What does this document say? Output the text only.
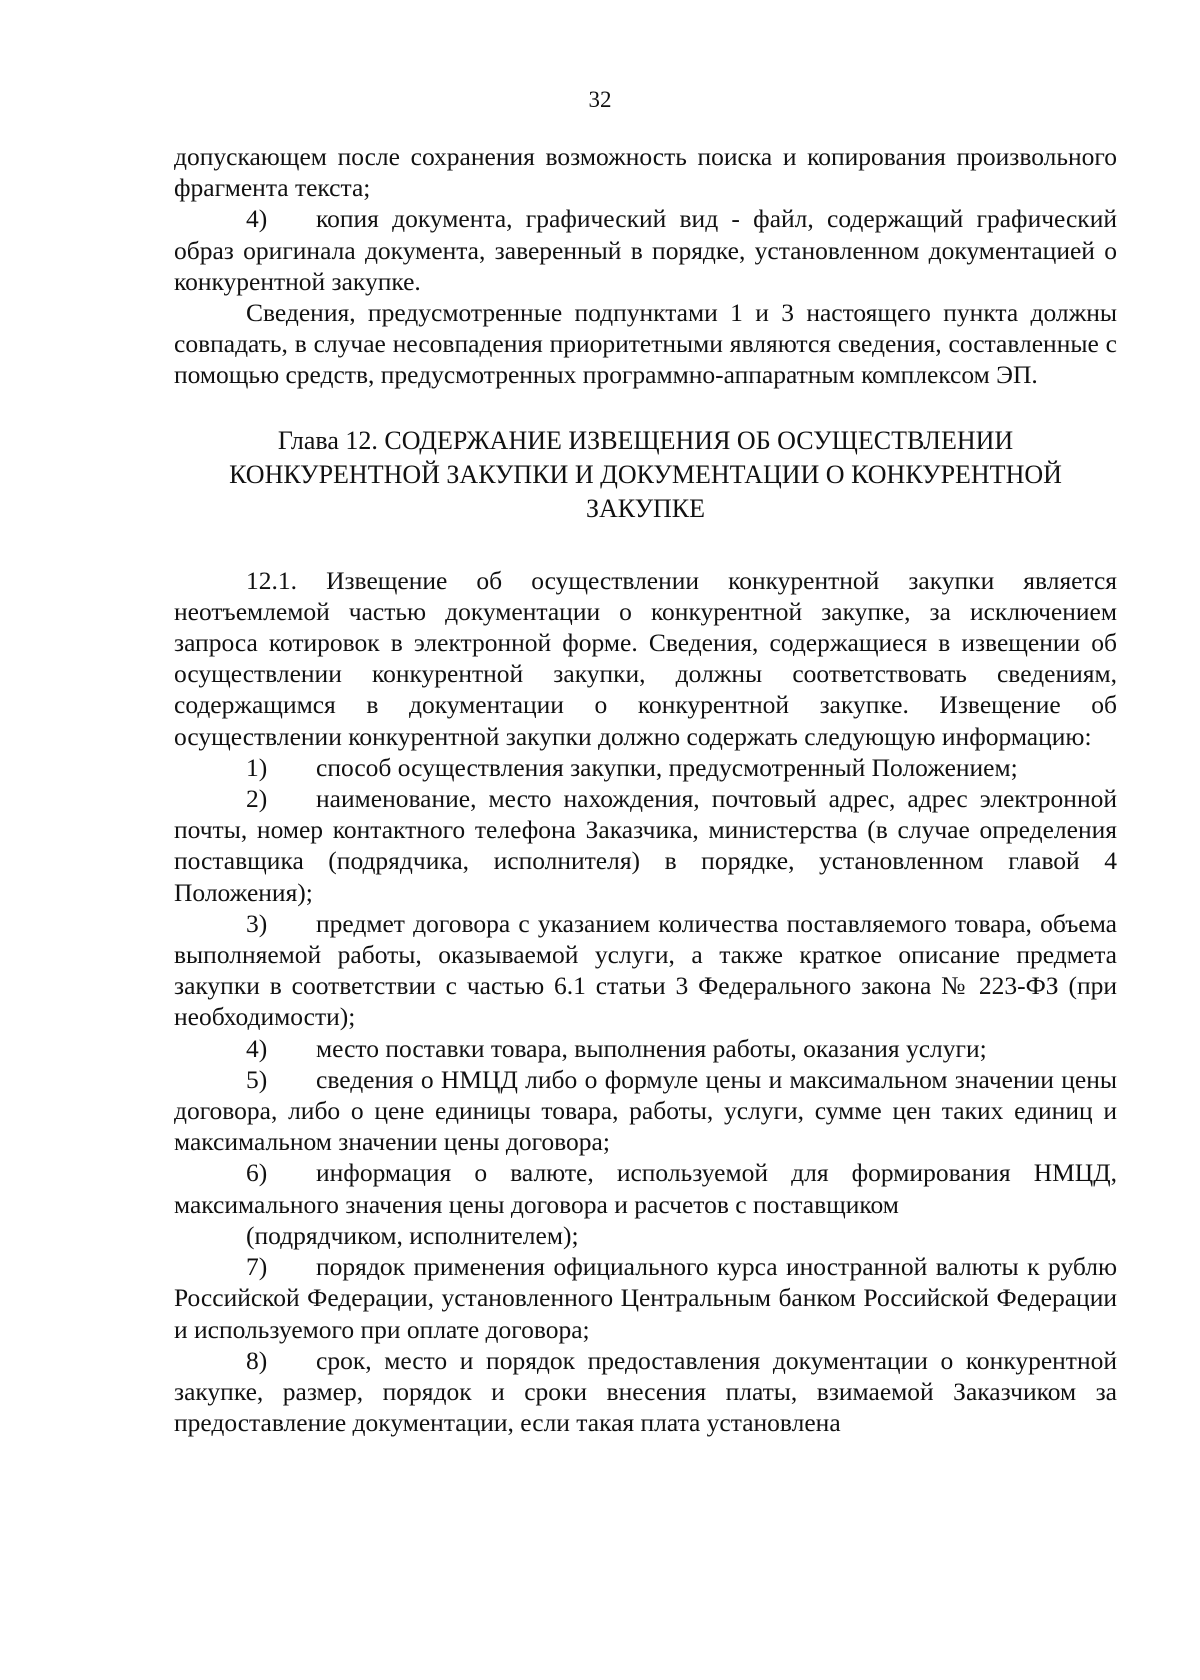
32

допускающем после сохранения возможность поиска и копирования произвольного фрагмента текста;

4) копия документа, графический вид - файл, содержащий графический образ оригинала документа, заверенный в порядке, установленном документацией о конкурентной закупке.

Сведения, предусмотренные подпунктами 1 и 3 настоящего пункта должны совпадать, в случае несовпадения приоритетными являются сведения, составленные с помощью средств, предусмотренных программно-аппаратным комплексом ЭП.

Глава 12. СОДЕРЖАНИЕ ИЗВЕЩЕНИЯ ОБ ОСУЩЕСТВЛЕНИИ КОНКУРЕНТНОЙ ЗАКУПКИ И ДОКУМЕНТАЦИИ О КОНКУРЕНТНОЙ ЗАКУПКЕ

12.1. Извещение об осуществлении конкурентной закупки является неотъемлемой частью документации о конкурентной закупке, за исключением запроса котировок в электронной форме. Сведения, содержащиеся в извещении об осуществлении конкурентной закупки, должны соответствовать сведениям, содержащимся в документации о конкурентной закупке. Извещение об осуществлении конкурентной закупки должно содержать следующую информацию:

1) способ осуществления закупки, предусмотренный Положением;

2) наименование, место нахождения, почтовый адрес, адрес электронной почты, номер контактного телефона Заказчика, министерства (в случае определения поставщика (подрядчика, исполнителя) в порядке, установленном главой 4 Положения);

3) предмет договора с указанием количества поставляемого товара, объема выполняемой работы, оказываемой услуги, а также краткое описание предмета закупки в соответствии с частью 6.1 статьи 3 Федерального закона № 223-ФЗ (при необходимости);

4) место поставки товара, выполнения работы, оказания услуги;

5) сведения о НМЦД либо о формуле цены и максимальном значении цены договора, либо о цене единицы товара, работы, услуги, сумме цен таких единиц и максимальном значении цены договора;

6) информация о валюте, используемой для формирования НМЦД, максимального значения цены договора и расчетов с поставщиком

(подрядчиком, исполнителем);

7) порядок применения официального курса иностранной валюты к рублю Российской Федерации, установленного Центральным банком Российской Федерации и используемого при оплате договора;

8) срок, место и порядок предоставления документации о конкурентной закупке, размер, порядок и сроки внесения платы, взимаемой Заказчиком за предоставление документации, если такая плата установлена
